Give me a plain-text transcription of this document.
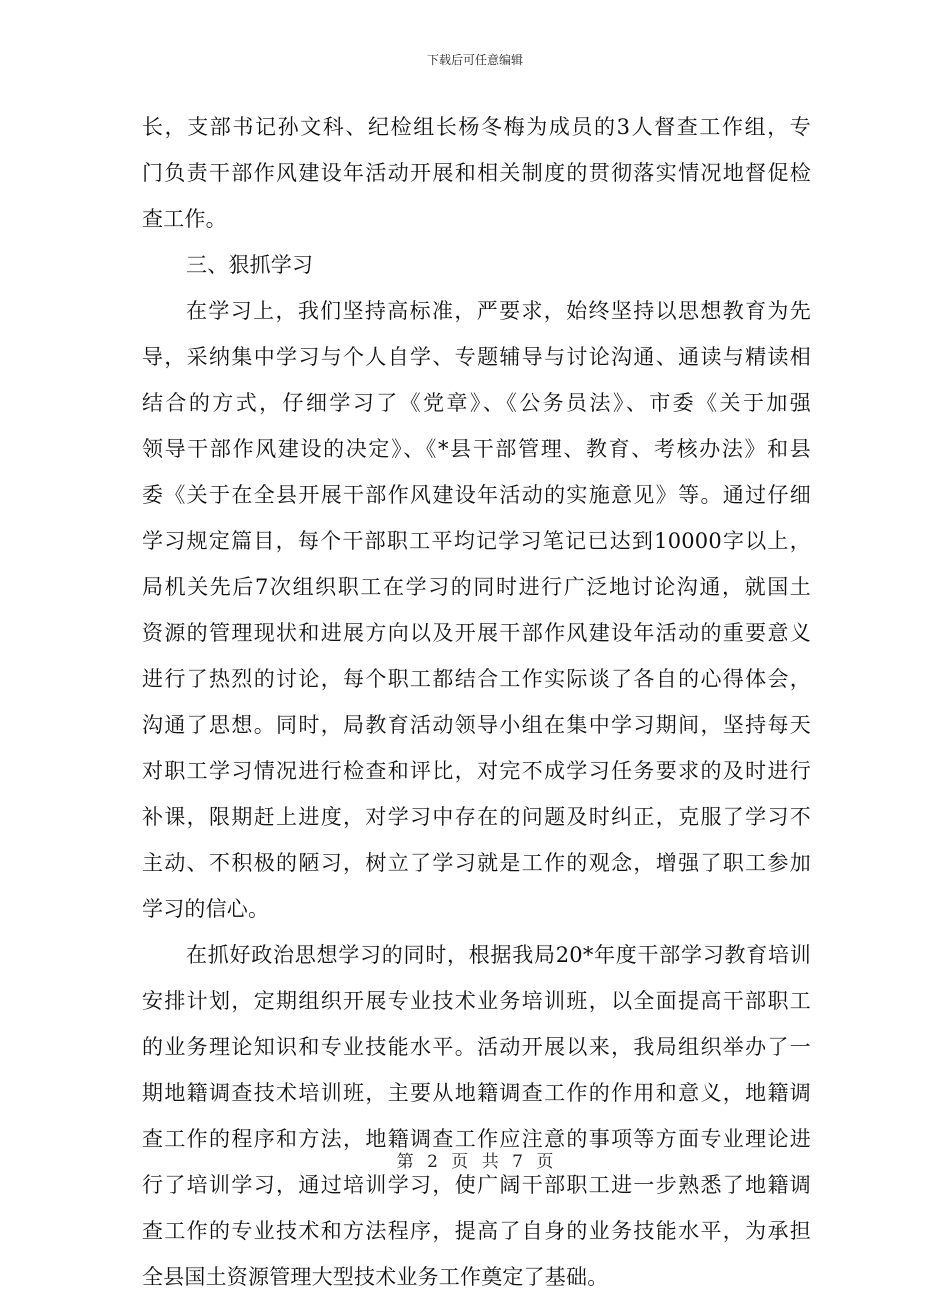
下载后可任意编辑
长，支部书记孙文科、纪检组长杨冬梅为成员的3人督查工作组，专
门负责干部作风建设年活动开展和相关制度的贯彻落实情况地督促检
查工作。
三、狠抓学习
在学习上，我们坚持高标准，严要求，始终坚持以思想教育为先
导，采纳集中学习与个人自学、专题辅导与讨论沟通、通读与精读相
结合的方式，仔细学习了《党章》、《公务员法》、市委《关于加强
领导干部作风建设的决定》、《*县干部管理、教育、考核办法》和县
委《关于在全县开展干部作风建设年活动的实施意见》等。通过仔细
学习规定篇目，每个干部职工平均记学习笔记已达到10000字以上，
局机关先后7次组织职工在学习的同时进行广泛地讨论沟通，就国土
资源的管理现状和进展方向以及开展干部作风建设年活动的重要意义
进行了热烈的讨论，每个职工都结合工作实际谈了各自的心得体会，
沟通了思想。同时，局教育活动领导小组在集中学习期间，坚持每天
对职工学习情况进行检查和评比，对完不成学习任务要求的及时进行
补课，限期赶上进度，对学习中存在的问题及时纠正，克服了学习不
主动、不积极的陋习，树立了学习就是工作的观念，增强了职工参加
学习的信心。
在抓好政治思想学习的同时，根据我局20*年度干部学习教育培训
安排计划，定期组织开展专业技术业务培训班，以全面提高干部职工
的业务理论知识和专业技能水平。活动开展以来，我局组织举办了一
期地籍调查技术培训班，主要从地籍调查工作的作用和意义，地籍调
查工作的程序和方法，地籍调查工作应注意的事项等方面专业理论进
行了培训学习，通过培训学习，使广阔干部职工进一步熟悉了地籍调
查工作的专业技术和方法程序，提高了自身的业务技能水平，为承担
全县国土资源管理大型技术业务工作奠定了基础。
第 2 页 共 7 页
